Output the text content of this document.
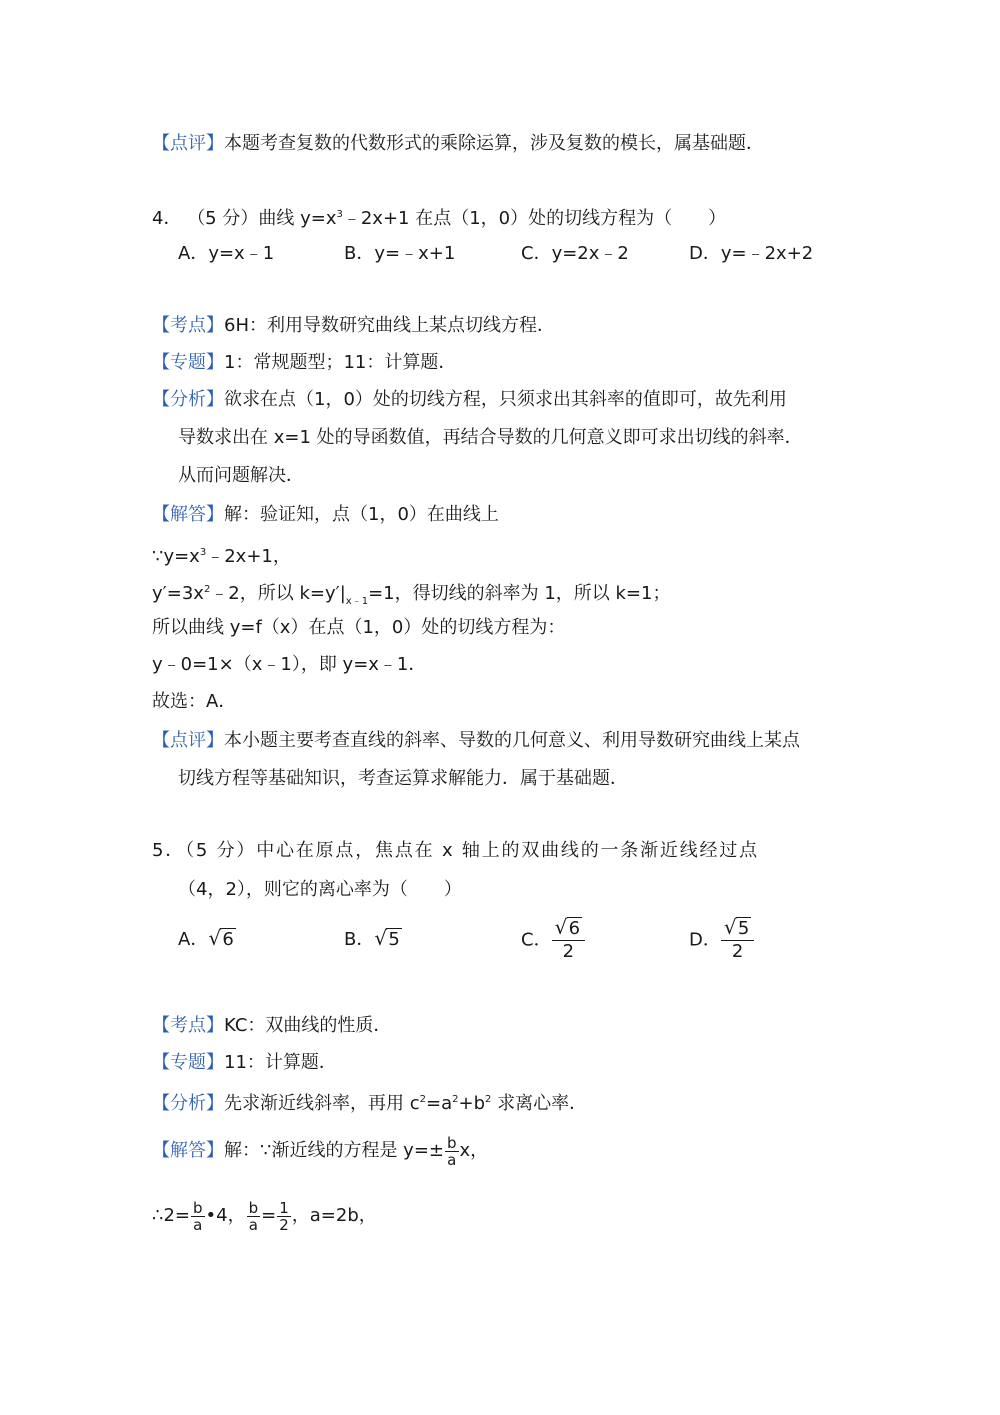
【点评】本题考查复数的代数形式的乘除运算，涉及复数的模长，属基础题．
4． （5 分）曲线 $y=x^3﹣2x+1$ 在点（1，0）处的切线方程为（ ）
A．y=x﹣1	B．y=﹣x+1	C．y=2x﹣2	D．y=﹣2x+2
【考点】6H：利用导数研究曲线上某点切线方程．
【专题】1：常规题型；11：计算题．
【分析】欲求在点（1，0）处的切线方程，只须求出其斜率的值即可，故先利用
导数求出在 x=1 处的导函数值，再结合导数的几何意义即可求出切线的斜率．
从而问题解决．
【解答】解：验证知，点（1，0）在曲线上
$\because y=x^3﹣2x+1$，
$y'=3x^2﹣2$，所以 $k=y'|_{x﹣1}=1$，得切线的斜率为 1，所以 k=1；
所以曲线 y=f（x）在点（1，0）处的切线方程为：
y﹣0=1×（x﹣1），即 y=x﹣1．
故选：A．
【点评】本小题主要考查直线的斜率、导数的几何意义、利用导数研究曲线上某点
切线方程等基础知识，考查运算求解能力．属于基础题．
5．（5 分）中心在原点，焦点在 x 轴上的双曲线的一条渐近线经过点
（4，2），则它的离心率为（ ）
A． √ 6	B． √ 5	C． $\frac{√ 6}{2}$	D． $\frac{√ 5}{2}$
【考点】KC：双曲线的性质．
【专题】11：计算题．
【分析】先求渐近线斜率，再用 $c^2=a^2+b^2$ 求离心率．
【解答】解：∵渐近线的方程是 $y=\pm \frac{b}{a}$ x，
∴2= $\frac{b}{a}$ •4， $\frac{b}{a} = \frac{1}{2}$ ，a=2b，
